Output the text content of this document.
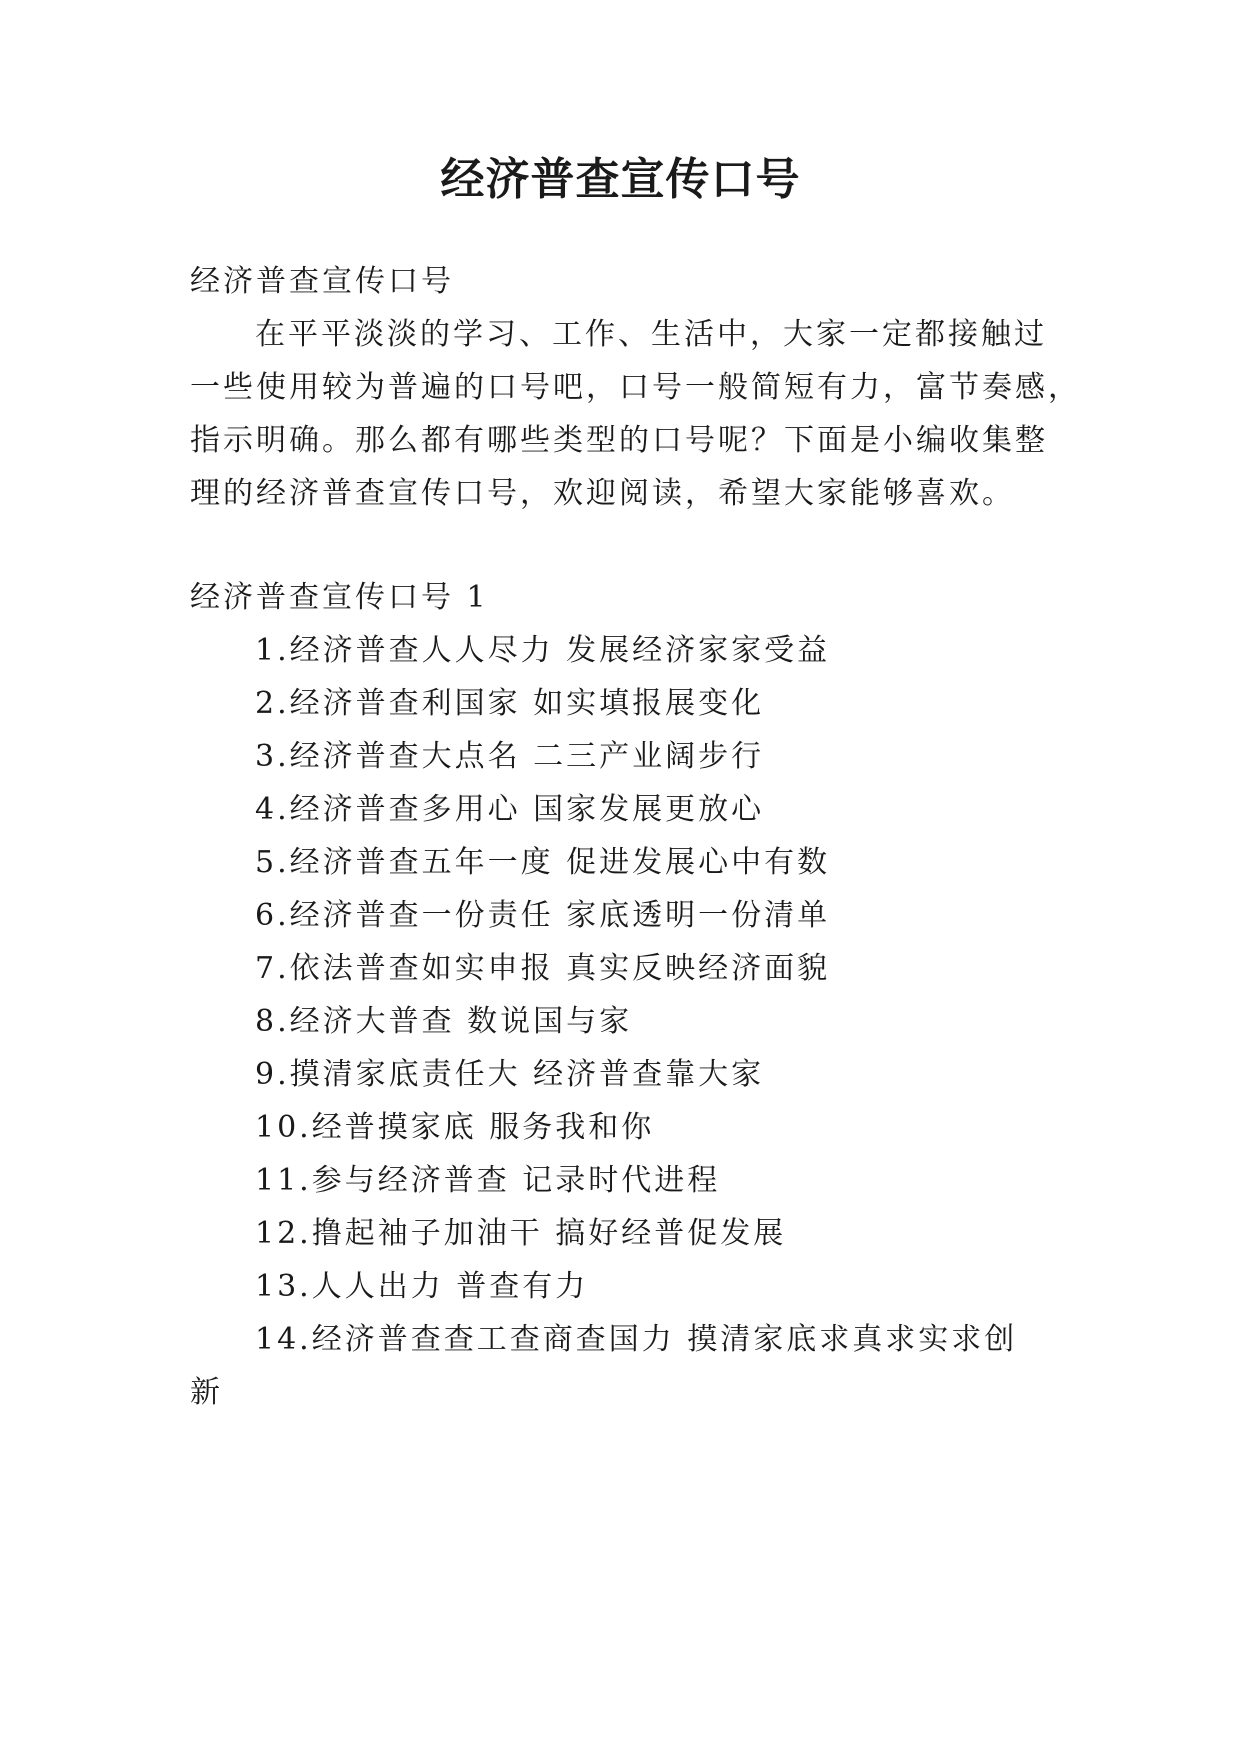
经济普查宣传口号

经济普查宣传口号

在平平淡淡的学习、工作、生活中，大家一定都接触过

一些使用较为普遍的口号吧，口号一般简短有力，富节奏感，

指示明确。那么都有哪些类型的口号呢？下面是小编收集整

理的经济普查宣传口号，欢迎阅读，希望大家能够喜欢。

经济普查宣传口号 1

1.经济普查人人尽力 发展经济家家受益

2.经济普查利国家 如实填报展变化

3.经济普查大点名 二三产业阔步行

4.经济普查多用心 国家发展更放心

5.经济普查五年一度 促进发展心中有数

6.经济普查一份责任 家底透明一份清单

7.依法普查如实申报 真实反映经济面貌

8.经济大普查 数说国与家

9.摸清家底责任大 经济普查靠大家

10.经普摸家底 服务我和你

11.参与经济普查 记录时代进程

12.撸起袖子加油干 搞好经普促发展

13.人人出力 普查有力

14.经济普查查工查商查国力 摸清家底求真求实求创

新
